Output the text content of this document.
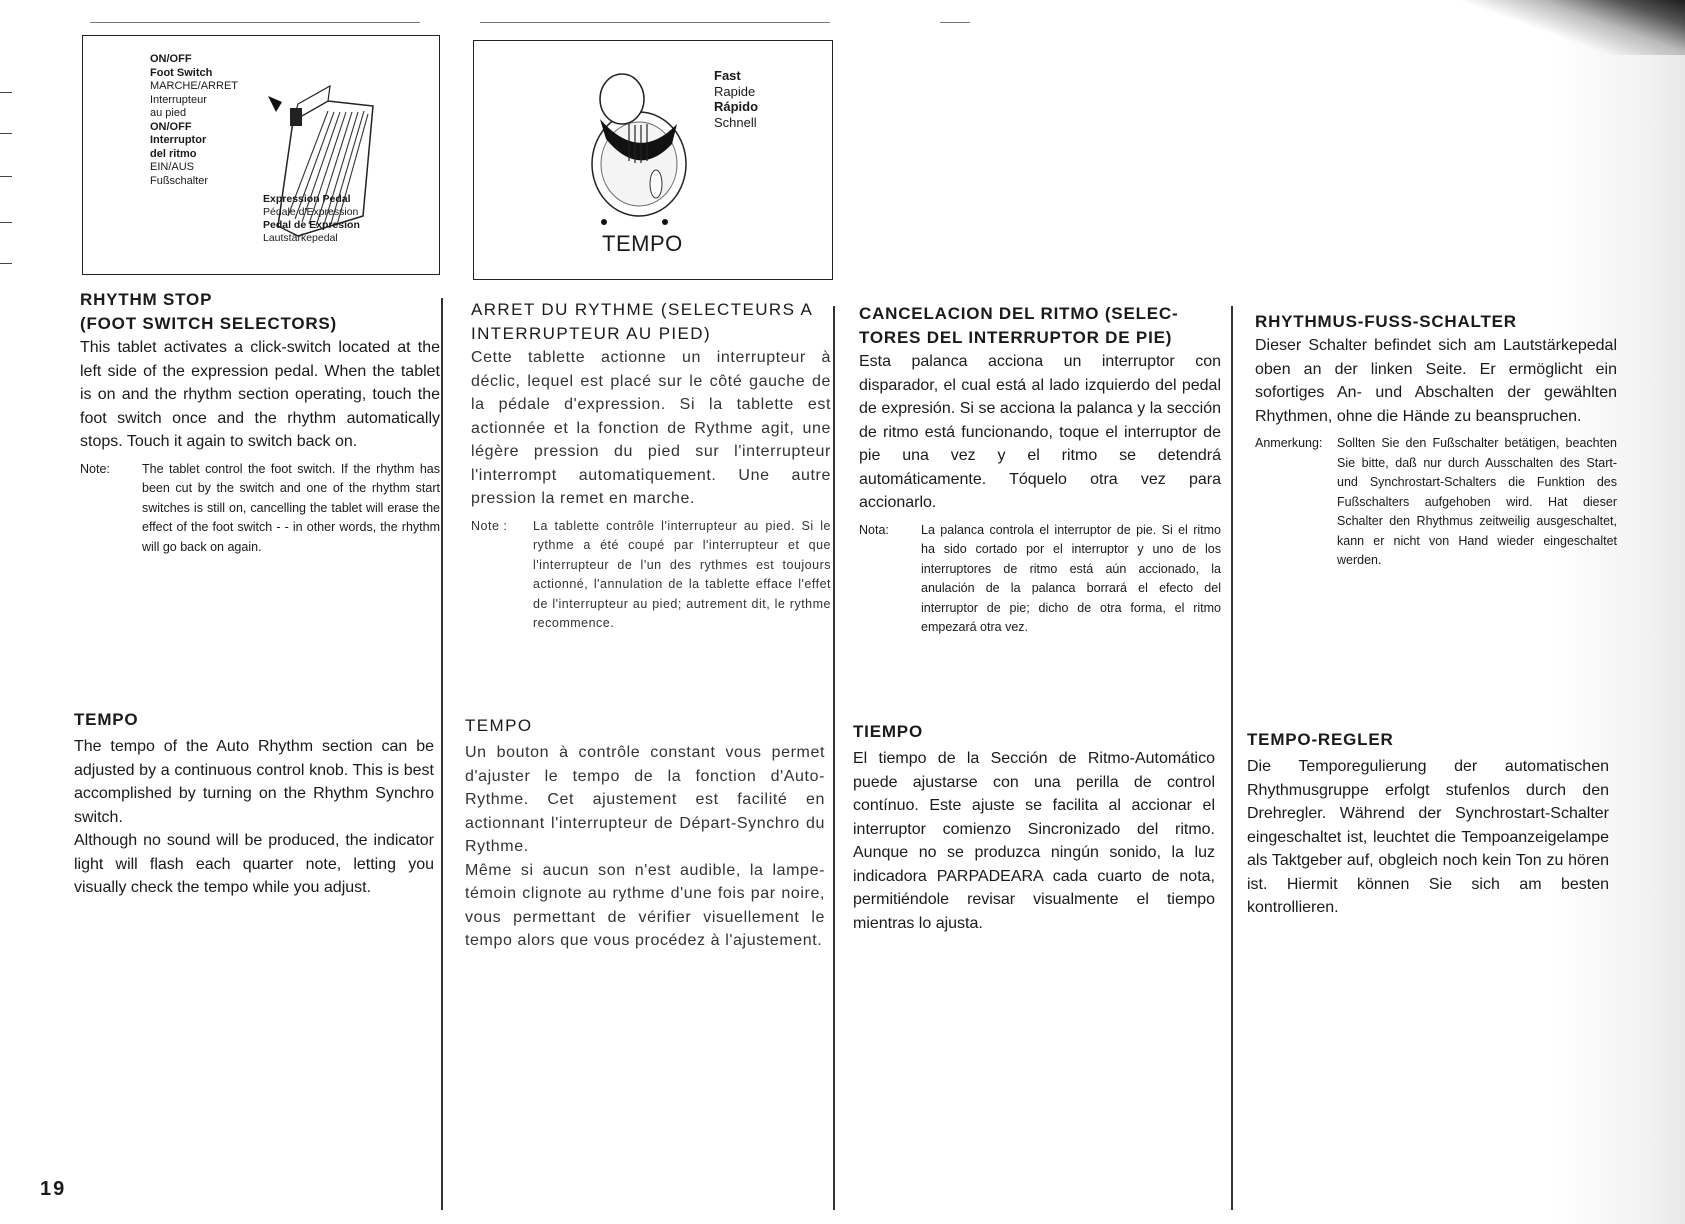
ON/OFF
Foot Switch
MARCHE/ARRET
Interrupteur
au pied
ON/OFF
Interruptor
del ritmo
EIN/AUS
Fußschalter
Expression Pedal
Pédale d'Expression
Pedal de Expresion
Lautstärkepedal
Fast
Rapide
Rápido
Schnell
TEMPO
RHYTHM STOP
(FOOT SWITCH SELECTORS)
This tablet activates a click-switch located at the left side of the expression pedal. When the tablet is on and the rhythm section operating, touch the foot switch once and the rhythm automatically stops. Touch it again to switch back on.
Note:	The tablet control the foot switch. If the rhythm has been cut by the switch and one of the rhythm start switches is still on, cancelling the tablet will erase the effect of the foot switch - - in other words, the rhythm will go back on again.
TEMPO

The tempo of the Auto Rhythm section can be adjusted by a continuous control knob. This is best accomplished by turning on the Rhythm Synchro switch.

Although no sound will be produced, the indicator light will flash each quarter note, letting you visually check the tempo while you adjust.

ARRET DU RYTHME (SELECTEURS A
INTERRUPTEUR AU PIED)
Cette tablette actionne un interrupteur à déclic, lequel est placé sur le côté gauche de la pédale d'expression. Si la tablette est actionnée et la fonction de Rythme agit, une légère pression du pied sur l'interrupteur l'interrompt automatiquement. Une autre pression la remet en marche.
Note :	La tablette contrôle l'interrupteur au pied. Si le rythme a été coupé par l'interrupteur et que l'interrupteur de l'un des rythmes est toujours actionné, l'annulation de la tablette efface l'effet de l'interrupteur au pied; autrement dit, le rythme recommence.
TEMPO

Un bouton à contrôle constant vous permet d'ajuster le tempo de la fonction d'Auto-Rythme. Cet ajustement est facilité en actionnant l'interrupteur de Départ-Synchro du Rythme.

Même si aucun son n'est audible, la lampe-témoin clignote au rythme d'une fois par noire, vous permettant de vérifier visuellement le tempo alors que vous procédez à l'ajustement.

CANCELACION DEL RITMO (SELEC-
TORES DEL INTERRUPTOR DE PIE)
Esta palanca acciona un interruptor con disparador, el cual está al lado izquierdo del pedal de expresión. Si se acciona la palanca y la sección de ritmo está funcionando, toque el interruptor de pie una vez y el ritmo se detendrá automáticamente. Tóquelo otra vez para accionarlo.
Nota:	La palanca controla el interruptor de pie. Si el ritmo ha sido cortado por el interruptor y uno de los interruptores de ritmo está aún accionado, la anulación de la palanca borrará el efecto del interruptor de pie; dicho de otra forma, el ritmo empezará otra vez.
TIEMPO

El tiempo de la Sección de Ritmo-Automático puede ajustarse con una perilla de control contínuo. Este ajuste se facilita al accionar el interruptor comienzo Sincronizado del ritmo. Aunque no se produzca ningún sonido, la luz indicadora PARPADEARA cada cuarto de nota, permitiéndole revisar visualmente el tiempo mientras lo ajusta.

RHYTHMUS-FUSS-SCHALTER
Dieser Schalter befindet sich am Lautstärkepedal oben an der linken Seite. Er ermöglicht ein sofortiges An- und Abschalten der gewählten Rhythmen, ohne die Hände zu beanspruchen.
Anmerkung:	Sollten Sie den Fußschalter betätigen, beachten Sie bitte, daß nur durch Ausschalten des Start- und Synchrostart-Schalters die Funktion des Fußschalters aufgehoben wird. Hat dieser Schalter den Rhythmus zeitweilig ausgeschaltet, kann er nicht von Hand wieder eingeschaltet werden.
TEMPO-REGLER

Die Temporegulierung der automatischen Rhythmusgruppe erfolgt stufenlos durch den Drehregler. Während der Synchrostart-Schalter eingeschaltet ist, leuchtet die Tempoanzeigelampe als Taktgeber auf, obgleich noch kein Ton zu hören ist. Hiermit können Sie sich am besten kontrollieren.

19
